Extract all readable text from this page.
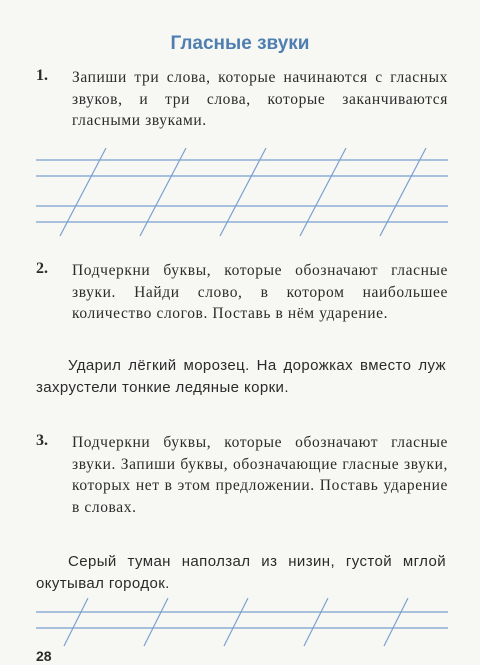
Гласные звуки
1. Запиши три слова, которые начинаются с гласных звуков, и три слова, которые заканчиваются гласными звуками.
2. Подчеркни буквы, которые обозначают гласные звуки. Найди слово, в котором наибольшее количество слогов. Поставь в нём ударение.
Ударил лёгкий морозец. На дорожках вместо луж захрустели тонкие ледяные корки.
3. Подчеркни буквы, которые обозначают гласные звуки. Запиши буквы, обозначающие гласные звуки, которых нет в этом предложении. Поставь ударение в словах.
Серый туман наползал из низин, густой мглой окутывал городок.
28
